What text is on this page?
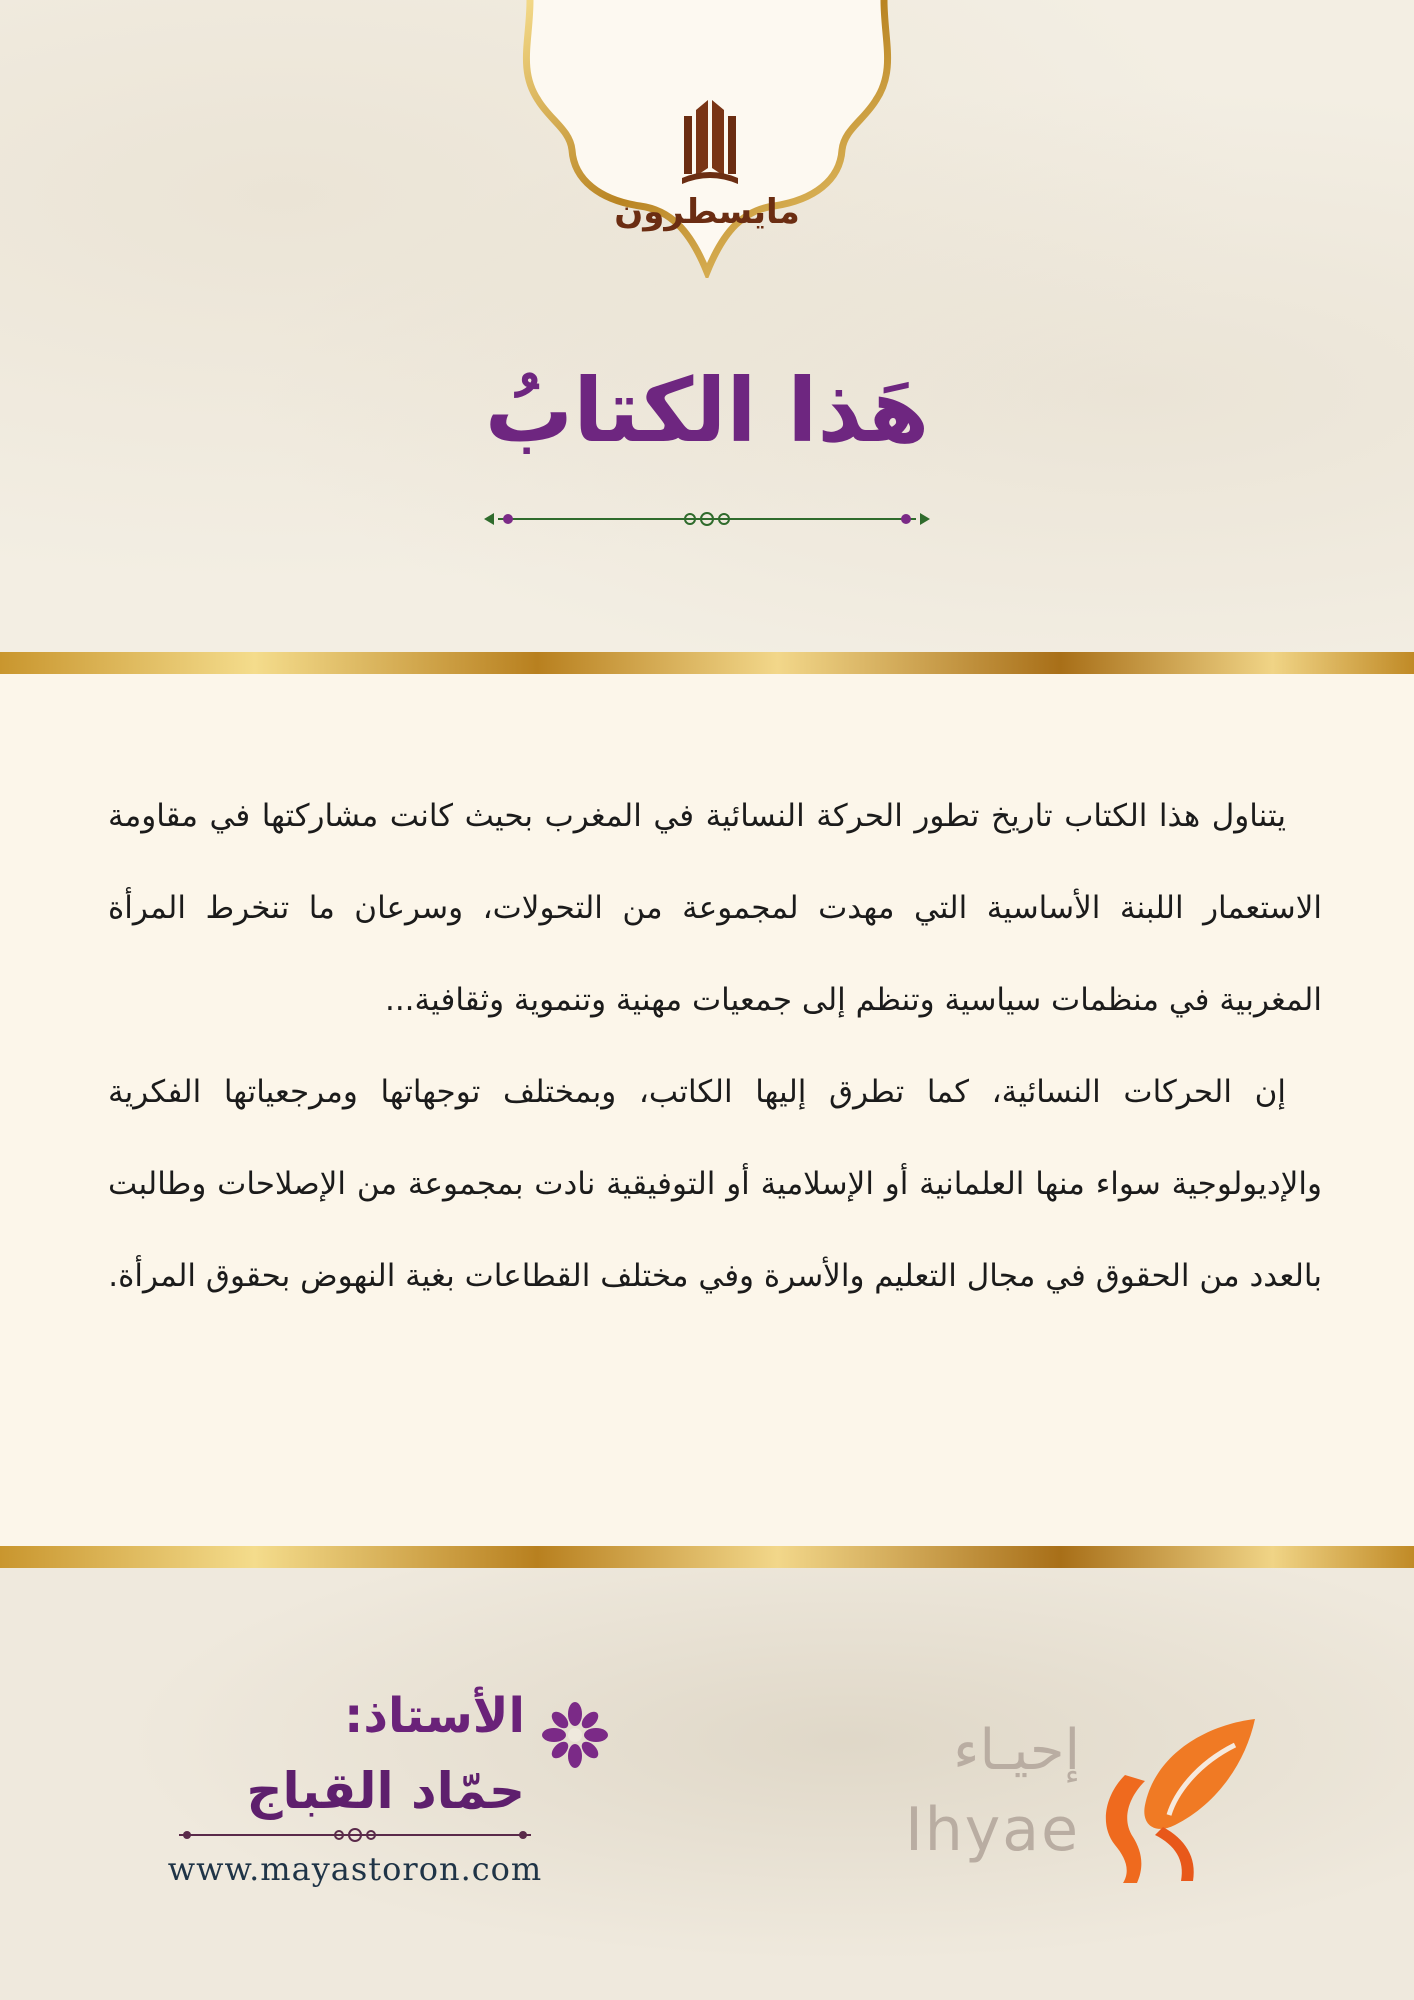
مايسطرون
هَذا الكتابُ

يتناول هذا الكتاب تاريخ تطور الحركة النسائية في المغرب بحيث كانت مشاركتها في مقاومة الاستعمار اللبنة الأساسية التي مهدت لمجموعة من التحولات، وسرعان ما تنخرط المرأة المغربية في منظمات سياسية وتنظم إلى جمعيات مهنية وتنموية وثقافية...

إن الحركات النسائية، كما تطرق إليها الكاتب، وبمختلف توجهاتها ومرجعياتها الفكرية والإديولوجية سواء منها العلمانية أو الإسلامية أو التوفيقية نادت بمجموعة من الإصلاحات وطالبت بالعدد من الحقوق في مجال التعليم والأسرة وفي مختلف القطاعات بغية النهوض بحقوق المرأة.

الأستاذ:
حمّاد القباج
www.mayastoron.com
إحيـاء
Ihyae
